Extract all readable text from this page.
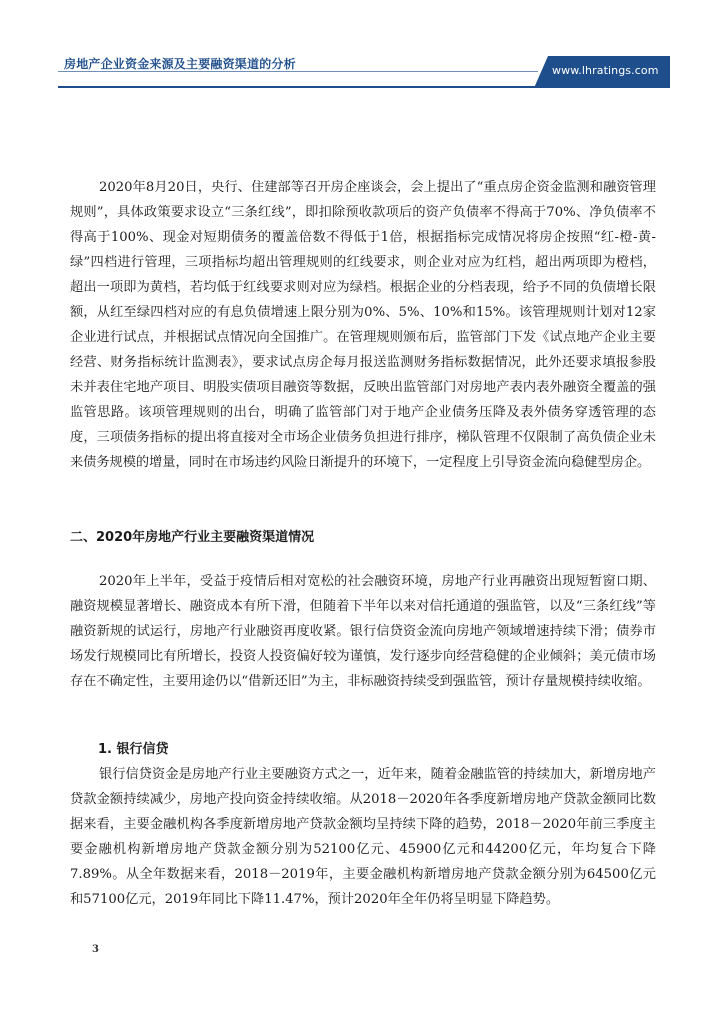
房地产企业资金来源及主要融资渠道的分析	www.lhratings.com

2020年8月20日，央行、住建部等召开房企座谈会，会上提出了“重点房企资金监测和融资管理规则”，具体政策要求设立“三条红线”，即扣除预收款项后的资产负债率不得高于70%、净负债率不得高于100%、现金对短期债务的覆盖倍数不得低于1倍，根据指标完成情况将房企按照“红-橙-黄-绿”四档进行管理，三项指标均超出管理规则的红线要求，则企业对应为红档，超出两项即为橙档，超出一项即为黄档，若均低于红线要求则对应为绿档。根据企业的分档表现，给予不同的负债增长限额，从红至绿四档对应的有息负债增速上限分别为0%、5%、10%和15%。该管理规则计划对12家企业进行试点，并根据试点情况向全国推广。在管理规则颁布后，监管部门下发《试点地产企业主要经营、财务指标统计监测表》，要求试点房企每月报送监测财务指标数据情况，此外还要求填报参股未并表住宅地产项目、明股实债项目融资等数据，反映出监管部门对房地产表内表外融资全覆盖的强监管思路。该项管理规则的出台，明确了监管部门对于地产企业债务压降及表外债务穿透管理的态度，三项债务指标的提出将直接对全市场企业债务负担进行排序，梯队管理不仅限制了高负债企业未来债务规模的增量，同时在市场违约风险日渐提升的环境下，一定程度上引导资金流向稳健型房企。

二、2020年房地产行业主要融资渠道情况

2020年上半年，受益于疫情后相对宽松的社会融资环境，房地产行业再融资出现短暂窗口期、融资规模显著增长、融资成本有所下滑，但随着下半年以来对信托通道的强监管，以及“三条红线”等融资新规的试运行，房地产行业融资再度收紧。银行信贷资金流向房地产领域增速持续下滑；债券市场发行规模同比有所增长，投资人投资偏好较为谨慎，发行逐步向经营稳健的企业倾斜；美元债市场存在不确定性，主要用途仍以“借新还旧”为主，非标融资持续受到强监管，预计存量规模持续收缩。

1. 银行信贷

银行信贷资金是房地产行业主要融资方式之一，近年来，随着金融监管的持续加大，新增房地产贷款金额持续减少，房地产投向资金持续收缩。从2018－2020年各季度新增房地产贷款金额同比数据来看，主要金融机构各季度新增房地产贷款金额均呈持续下降的趋势，2018－2020年前三季度主要金融机构新增房地产贷款金额分别为52100亿元、45900亿元和44200亿元，年均复合下降7.89%。从全年数据来看，2018－2019年，主要金融机构新增房地产贷款金额分别为64500亿元和57100亿元，2019年同比下降11.47%，预计2020年全年仍将呈明显下降趋势。

3
